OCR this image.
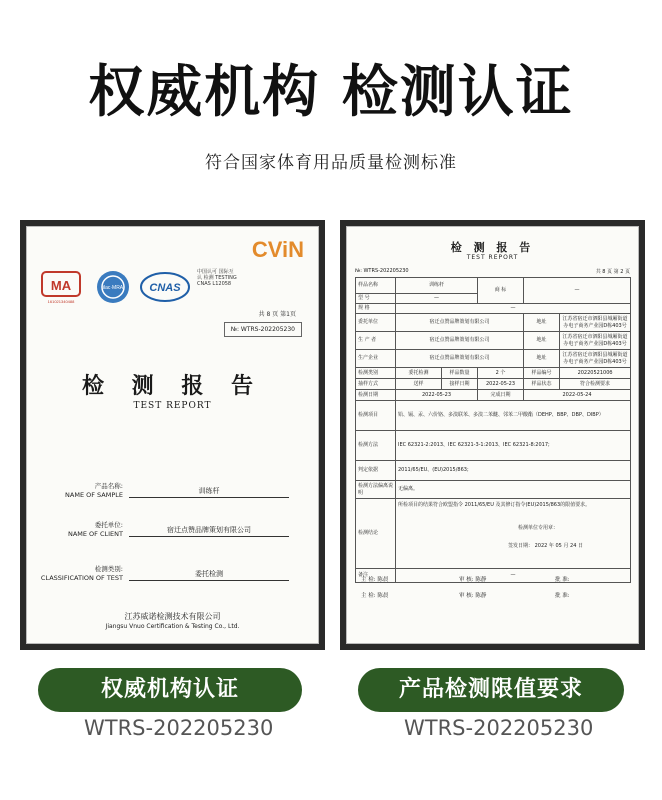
权威机构 检测认证
符合国家体育用品质量检测标准
MA
161021340488
ilac·MRA CNAS
中国认可 国际互认 检测 TESTING CNAS L12058
CViN
共 8 页 第1页
№: WTRS-202205230
检 测 报 告
TEST REPORT
产品名称:
NAME OF SAMPLE	训练杆
委托单位:
NAME OF CLIENT	宿迁点赞品牌策划有限公司
检测类别:
CLASSIFICATION OF TEST	委托检测
江苏威诺检测技术有限公司
Jiangsu Vnuo Certification & Testing Co., Ltd.
检 测 报 告
TEST REPORT
№: WTRS-202205230	共 8 页 第 2 页
样品名称	训练杆		商 标	—	
型 号	—				
规 格	—				
委托单位	宿迁点赞品牌策划有限公司			地址	江苏省宿迁市泗阳县城厢街道办电子商务产业园D栋403号
生 产 者	宿迁点赞品牌策划有限公司			地址	江苏省宿迁市泗阳县城厢街道办电子商务产业园D栋403号
生产企业	宿迁点赞品牌策划有限公司			地址	江苏省宿迁市泗阳县城厢街道办电子商务产业园D栋403号
检测类别	委托检测	样品数量	2 个	样品编号	2022052100б
抽样方式	送样	接样日期	2022-05-23	样品状态	符合检测要求
检测日期	2022-05-23		完成日期	2022-05-24	
检测项目	铅、镉、汞、六价铬、多溴联苯、多溴二苯醚、邻苯二甲酸酯（DEHP、BBP、DBP、DIBP）				
检测方法	IEC 62321-2:2013、IEC 62321-3-1:2013、IEC 62321-8:2017;				
判定依据	2011/65/EU、(EU)2015/863;				
检测方法偏离说明	无偏离。				
检测结论	所检项目的结果符合欧盟指令 2011/65/EU 及其修订指令(EU)2015/863的限值要求。
检测单位专用章：
签发日期： 2022 年 05 月 24 日				

备注	—				
主 检: 陈晨	审 核: 陈静	批 准:
主 检: 陈晨	审 核: 陈静	批 准:
权威机构认证	产品检测限值要求
WTRS-202205230	WTRS-202205230
